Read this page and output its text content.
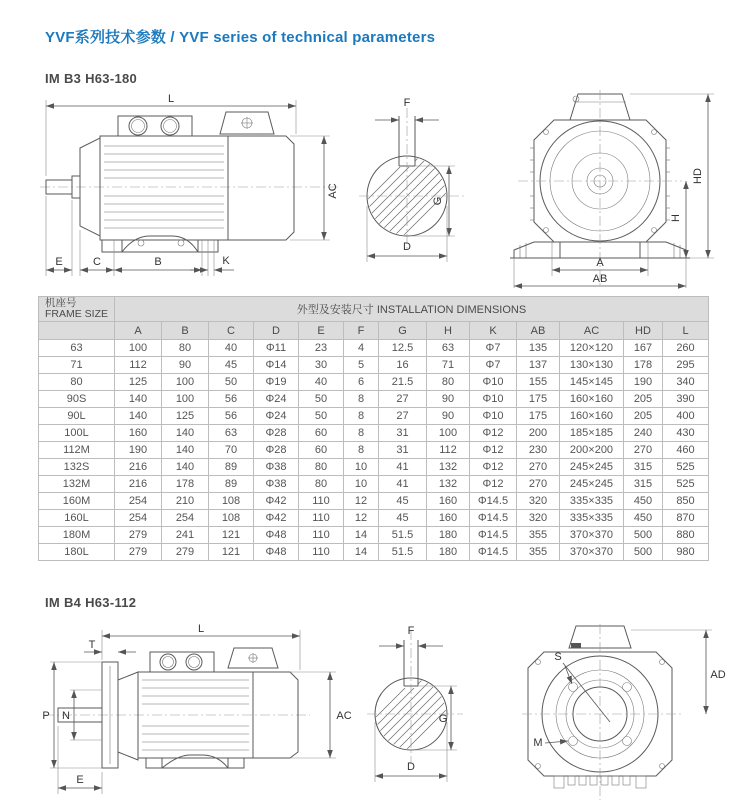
YVF系列技术参数 / YVF series of technical parameters
IM B3 H63-180
L
AC
E	C	B	K
F
G
D
A
AB
H
HD
机座号
FRAME SIZE	外型及安装尺寸 INSTALLATION DIMENSIONS												
	A	B	C	D	E	F	G	H	K	AB	AC	HD	L
63	100	80	40	Φ11	23	4	12.5	63	Φ7	135	120×120	167	260
71	112	90	45	Φ14	30	5	16	71	Φ7	137	130×130	178	295
80	125	100	50	Φ19	40	6	21.5	80	Φ10	155	145×145	190	340
90S	140	100	56	Φ24	50	8	27	90	Φ10	175	160×160	205	390
90L	140	125	56	Φ24	50	8	27	90	Φ10	175	160×160	205	400
100L	160	140	63	Φ28	60	8	31	100	Φ12	200	185×185	240	430
112M	190	140	70	Φ28	60	8	31	112	Φ12	230	200×200	270	460
132S	216	140	89	Φ38	80	10	41	132	Φ12	270	245×245	315	525
132M	216	178	89	Φ38	80	10	41	132	Φ12	270	245×245	315	525
160M	254	210	108	Φ42	110	12	45	160	Φ14.5	320	335×335	450	850
160L	254	254	108	Φ42	110	12	45	160	Φ14.5	320	335×335	450	870
180M	279	241	121	Φ48	110	14	51.5	180	Φ14.5	355	370×370	500	880
180L	279	279	121	Φ48	110	14	51.5	180	Φ14.5	355	370×370	500	980
IM B4 H63-112
L
T
P N
E
AC
F
G
D
AD
S
M
